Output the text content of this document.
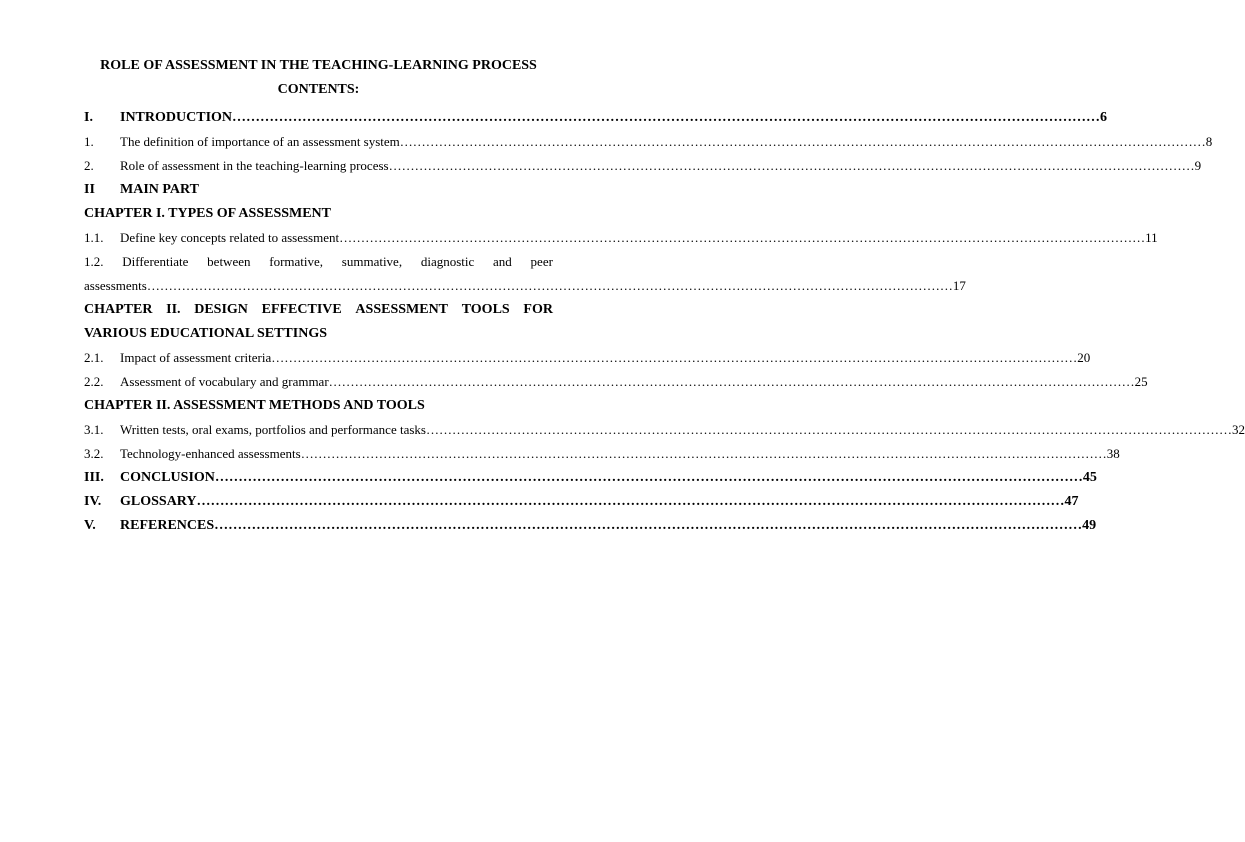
ROLE OF ASSESSMENT IN THE TEACHING-LEARNING PROCESS
CONTENTS:
I.	INTRODUCTION ……………………………………………………………………………………………………………………………………………………………………	6
1.	The definition of importance of an assessment system ……………………………………………………………………………………………………………………………………………………………………	8
2.	Role of assessment in the teaching-learning process ……………………………………………………………………………………………………………………………………………………………………	9
II	MAIN PART
CHAPTER I. TYPES OF ASSESSMENT
1.1.	Define key concepts related to assessment ……………………………………………………………………………………………………………………………………………………………………	11
1.2. Differentiate between formative, summative, diagnostic and peer
assessments ……………………………………………………………………………………………………………………………………………………………………	17
CHAPTER II. DESIGN EFFECTIVE ASSESSMENT TOOLS FOR
VARIOUS EDUCATIONAL SETTINGS
2.1.	Impact of assessment criteria ……………………………………………………………………………………………………………………………………………………………………	20
2.2.	Assessment of vocabulary and grammar ……………………………………………………………………………………………………………………………………………………………………	25
CHAPTER II. ASSESSMENT METHODS AND TOOLS
3.1.	Written tests, oral exams, portfolios and performance tasks ……………………………………………………………………………………………………………………………………………………………………	32
3.2.	Technology-enhanced assessments ……………………………………………………………………………………………………………………………………………………………………	38
III.	CONCLUSION ……………………………………………………………………………………………………………………………………………………………………	45
IV.	GLOSSARY ……………………………………………………………………………………………………………………………………………………………………	47
V.	REFERENCES ……………………………………………………………………………………………………………………………………………………………………	49
